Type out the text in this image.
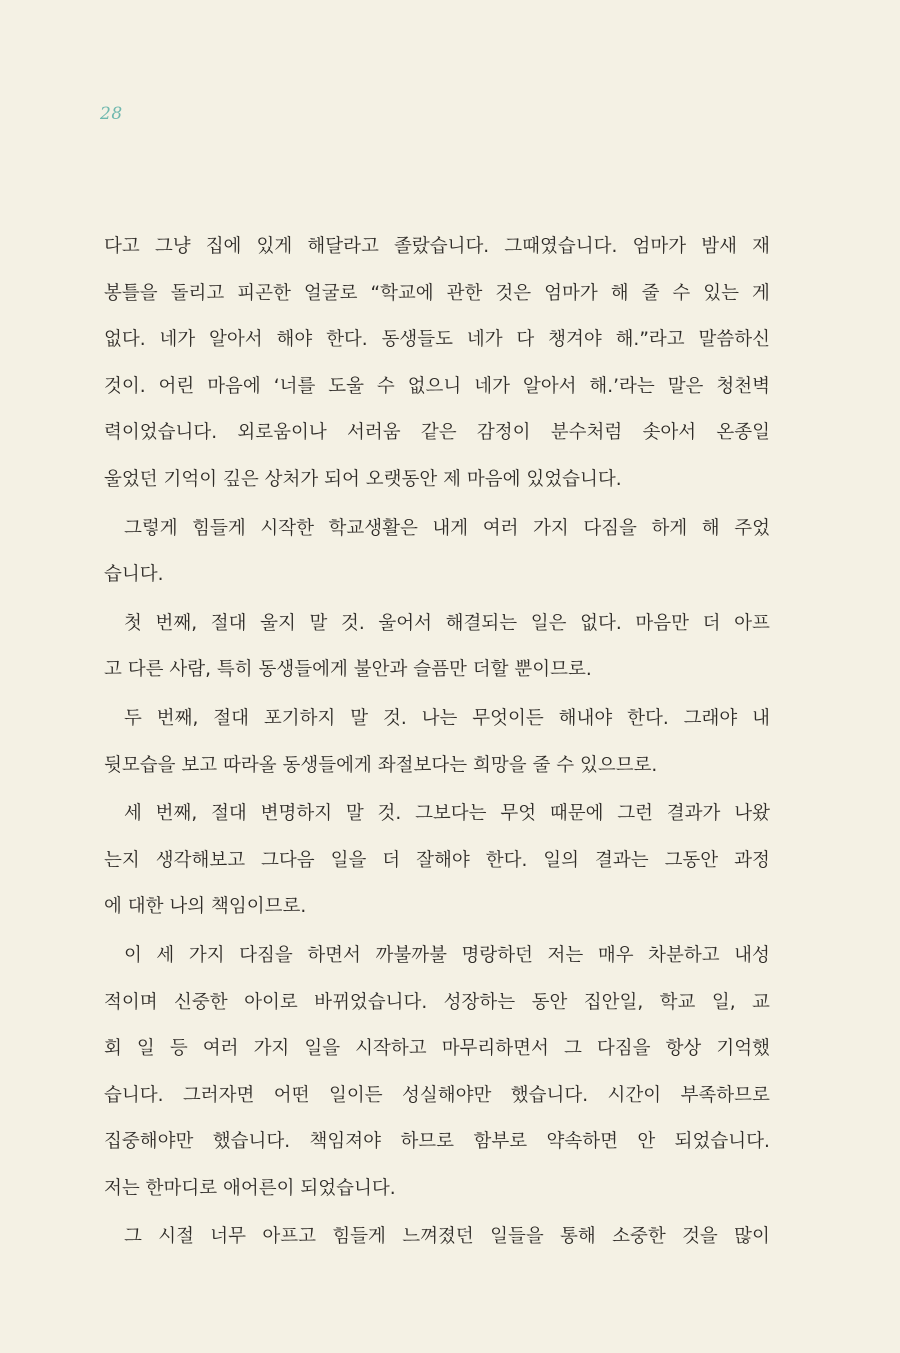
28
다고 그냥 집에 있게 해달라고 졸랐습니다. 그때였습니다. 엄마가 밤새 재
봉틀을 돌리고 피곤한 얼굴로 “학교에 관한 것은 엄마가 해 줄 수 있는 게
없다. 네가 알아서 해야 한다. 동생들도 네가 다 챙겨야 해.”라고 말씀하신
것이. 어린 마음에 ‘너를 도울 수 없으니 네가 알아서 해.’라는 말은 청천벽
력이었습니다. 외로움이나 서러움 같은 감정이 분수처럼 솟아서 온종일
울었던 기억이 깊은 상처가 되어 오랫동안 제 마음에 있었습니다.
그렇게 힘들게 시작한 학교생활은 내게 여러 가지 다짐을 하게 해 주었
습니다.
첫 번째, 절대 울지 말 것. 울어서 해결되는 일은 없다. 마음만 더 아프
고 다른 사람, 특히 동생들에게 불안과 슬픔만 더할 뿐이므로.
두 번째, 절대 포기하지 말 것. 나는 무엇이든 해내야 한다. 그래야 내
뒷모습을 보고 따라올 동생들에게 좌절보다는 희망을 줄 수 있으므로.
세 번째, 절대 변명하지 말 것. 그보다는 무엇 때문에 그런 결과가 나왔
는지 생각해보고 그다음 일을 더 잘해야 한다. 일의 결과는 그동안 과정
에 대한 나의 책임이므로.
이 세 가지 다짐을 하면서 까불까불 명랑하던 저는 매우 차분하고 내성
적이며 신중한 아이로 바뀌었습니다. 성장하는 동안 집안일, 학교 일, 교
회 일 등 여러 가지 일을 시작하고 마무리하면서 그 다짐을 항상 기억했
습니다. 그러자면 어떤 일이든 성실해야만 했습니다. 시간이 부족하므로
집중해야만 했습니다. 책임져야 하므로 함부로 약속하면 안 되었습니다.
저는 한마디로 애어른이 되었습니다.
그 시절 너무 아프고 힘들게 느껴졌던 일들을 통해 소중한 것을 많이
